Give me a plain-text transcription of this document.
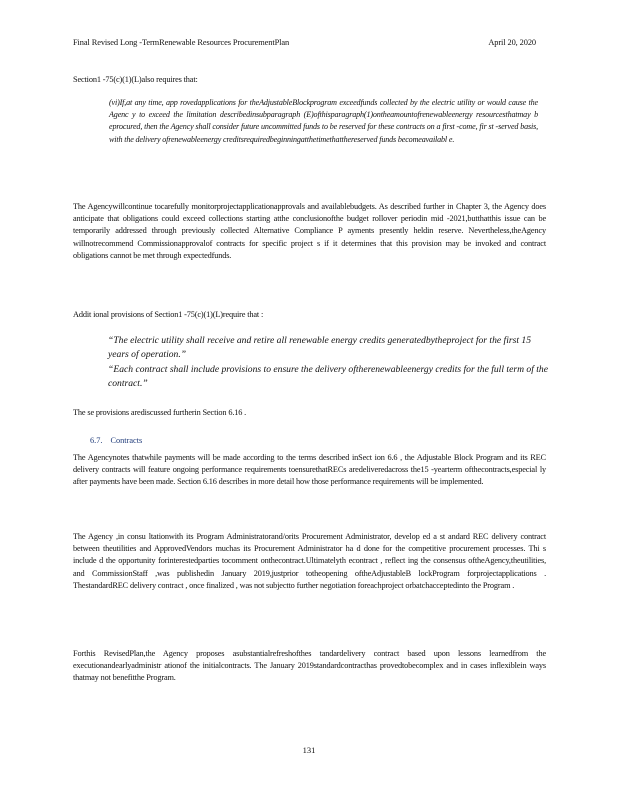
Final Revised Long -TermRenewable Resources ProcurementPlan	April 20, 2020
Section1 -75(c)(1)(L)also requires that:
(vi)If,at any time, app rovedapplications for theAdjustableBlockprogram exceedfunds collected by the electric utility or would cause the Agenc y to exceed the limitation describedinsubparagraph (E)ofthisparagraph(1)ontheamountofrenewableenergy resourcesthatmay b eprocured, then the Agency shall consider future uncommitted funds to be reserved for these contracts on a first -come, fir st -served basis, with the delivery ofrenewableenergy creditsrequiredbeginningatthetimethatthereserved funds becomeavailabl e.
The Agencywillcontinue tocarefully monitorprojectapplicationapprovals and availablebudgets. As described further in Chapter 3, the Agency does anticipate that obligations could exceed collections starting atthe conclusionofthe budget rollover periodin mid -2021,butthatthis issue can be temporarily addressed through previously collected Alternative Compliance P ayments presently heldin reserve. Nevertheless,theAgency willnotrecommend Commissionapprovalof contracts for specific project s if it determines that this provision may be invoked and contract obligations cannot be met through expectedfunds.
Addit ional provisions of Section1 -75(c)(1)(L)require that :
“The electric utility shall receive and retire all renewable energy credits generatedbytheproject for the first 15 years of operation.”
“Each contract shall include provisions to ensure the delivery oftherenewableenergy credits for the full term of the contract.”
The se provisions arediscussed furtherin Section 6.16 .
6.7. Contracts
The Agencynotes thatwhile payments will be made according to the terms described inSect ion 6.6 , the Adjustable Block Program and its REC delivery contracts will feature ongoing performance requirements toensurethatRECs aredeliveredacross the15 -yearterm ofthecontracts,especial ly after payments have been made. Section 6.16 describes in more detail how those performance requirements will be implemented.
The Agency ,in consu ltationwith its Program Administratorand/orits Procurement Administrator, develop ed a st andard REC delivery contract between theutilities and ApprovedVendors muchas its Procurement Administrator ha d done for the competitive procurement processes. Thi s include d the opportunity forinterestedparties tocomment onthecontract.Ultimatelyth econtract , reflect ing the consensus oftheAgency,theutilities, and CommissionStaff ,was publishedin January 2019,justprior totheopening oftheAdjustableB lockProgram forprojectapplications . ThestandardREC delivery contract , once finalized , was not subjectto further negotiation foreachproject orbatchacceptedinto the Program .
Forthis RevisedPlan,the Agency proposes asubstantialrefreshofthes tandardelivery contract based upon lessons learnedfrom the executionandearlyadministr ationof the initialcontracts. The January 2019standardcontracthas provedtobecomplex and in cases inflexiblein ways thatmay not benefitthe Program.
131
